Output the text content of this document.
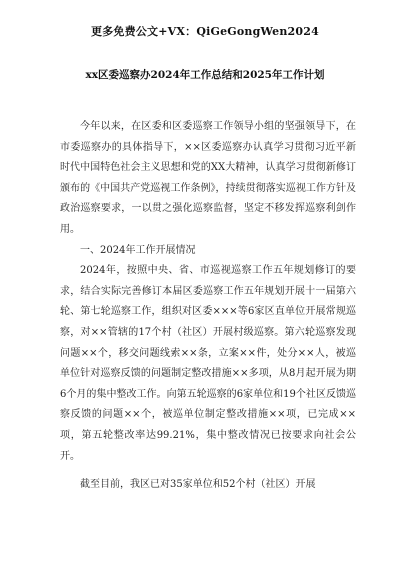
更多免费公文+VX：QiGeGongWen2024
xx区委巡察办2024年工作总结和2025年工作计划

今年以来，在区委和区委巡察工作领导小组的坚强领导下，在市委巡察办的具体指导下，××区委巡察办认真学习贯彻习近平新时代中国特色社会主义思想和党的XX大精神，认真学习贯彻新修订颁布的《中国共产党巡视工作条例》，持续贯彻落实巡视工作方针及政治巡察要求，一以贯之强化巡察监督，坚定不移发挥巡察利剑作用。

一、2024年工作开展情况

2024年，按照中央、省、市巡视巡察工作五年规划修订的要求，结合实际完善修订本届区委巡察工作五年规划开展十一届第六轮、第七轮巡察工作，组织对区委×××等6家区直单位开展常规巡察，对××管辖的17个村（社区）开展村级巡察。第六轮巡察发现问题××个，移交问题线索××条，立案××件，处分××人，被巡单位针对巡察反馈的问题制定整改措施××多项，从8月起开展为期6个月的集中整改工作。向第五轮巡察的6家单位和19个社区反馈巡察反馈的问题××个，被巡单位制定整改措施××项，已完成××项，第五轮整改率达99.21%，集中整改情况已按要求向社会公开。

截至目前，我区已对35家单位和52个村（社区）开展
